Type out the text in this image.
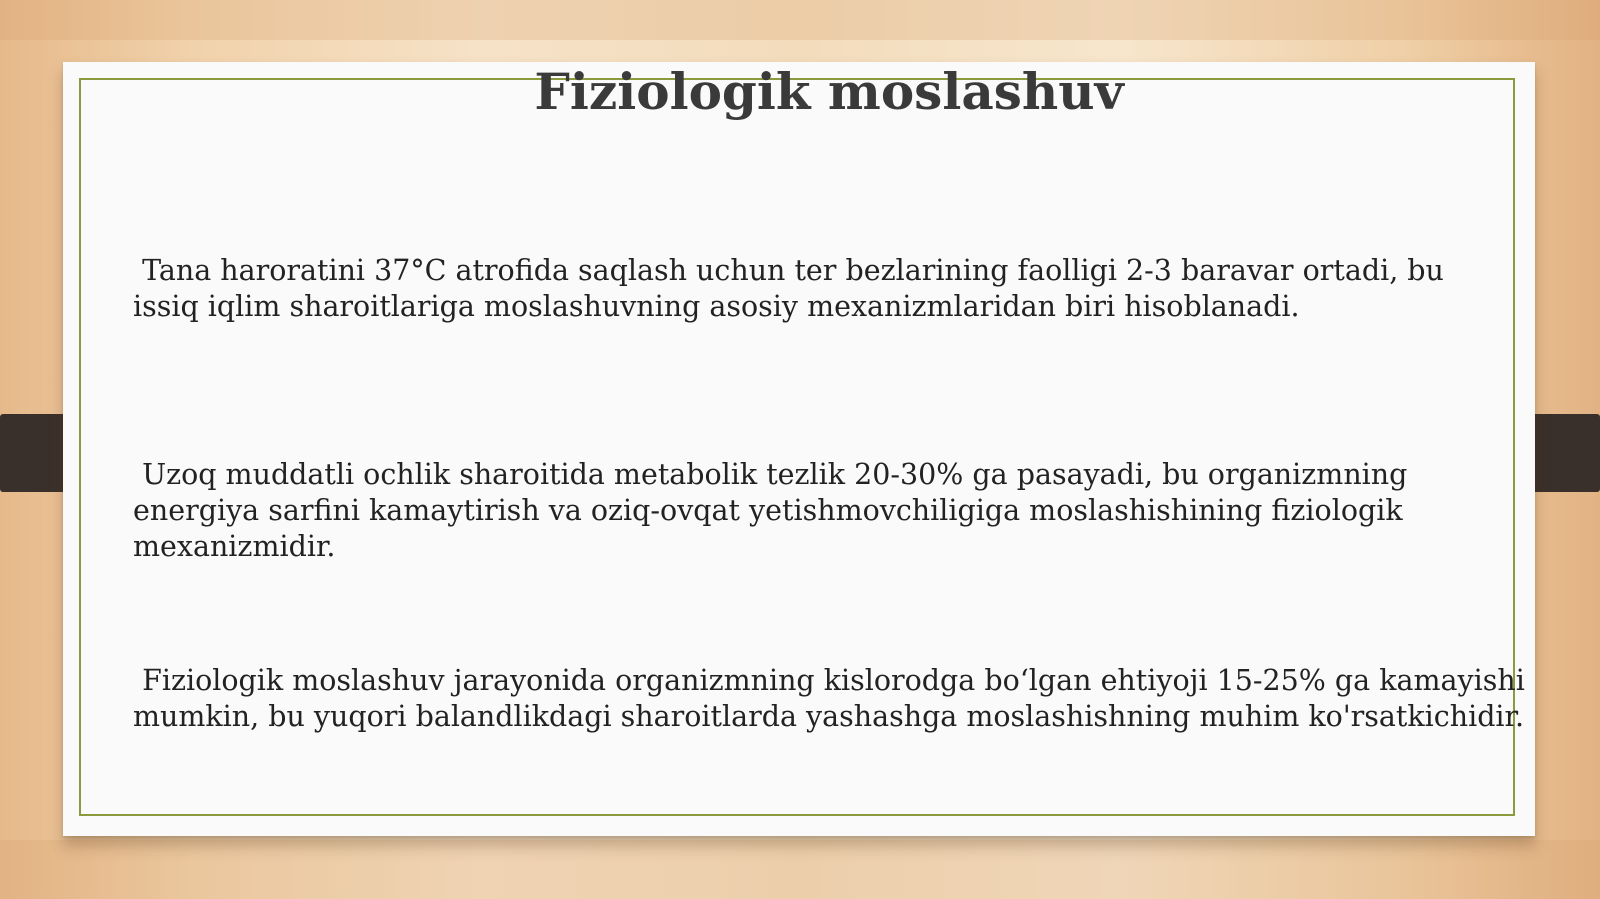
Fiziologik moslashuv

Tana haroratini 37°C atrofida saqlash uchun ter bezlarining faolligi 2-3 baravar ortadi, bu
issiq iqlim sharoitlariga moslashuvning asosiy mexanizmlaridan biri hisoblanadi.

Uzoq muddatli ochlik sharoitida metabolik tezlik 20-30% ga pasayadi, bu organizmning
energiya sarfini kamaytirish va oziq-ovqat yetishmovchiligiga moslashishining fiziologik
mexanizmidir.

Fiziologik moslashuv jarayonida organizmning kislorodga bo‘lgan ehtiyoji 15-25% ga kamayishi
mumkin, bu yuqori balandlikdagi sharoitlarda yashashga moslashishning muhim ko'rsatkichidir.
